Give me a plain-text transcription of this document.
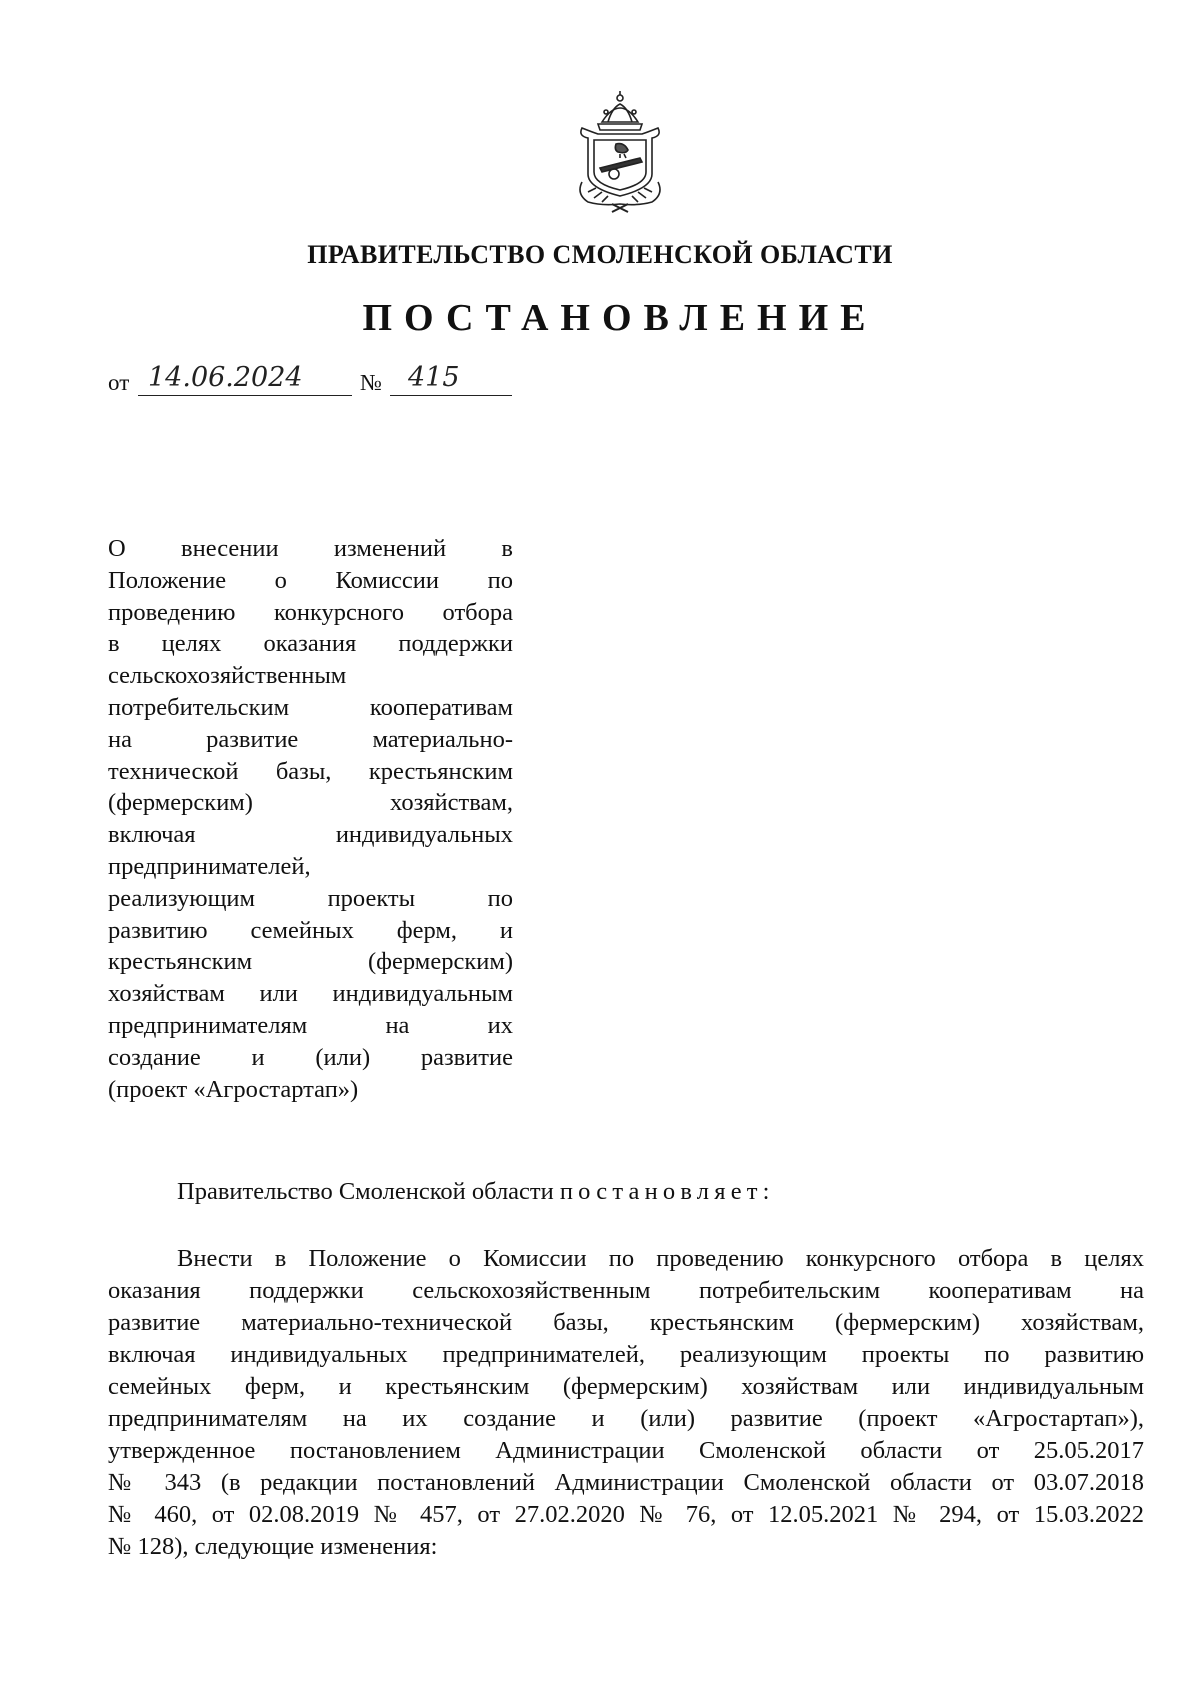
ПРАВИТЕЛЬСТВО СМОЛЕНСКОЙ ОБЛАСТИ
ПОСТАНОВЛЕНИЕ
от 14.06.2024 № 415
О внесении изменений в
Положение о Комиссии по
проведению конкурсного отбора
в целях оказания поддержки
сельскохозяйственным
потребительским кооперативам
на развитие материально-
технической базы, крестьянским
(фермерским) хозяйствам,
включая индивидуальных
предпринимателей,
реализующим проекты по
развитию семейных ферм, и
крестьянским (фермерским)
хозяйствам или индивидуальным
предпринимателям на их
создание и (или) развитие
(проект «Агростартап»)
Правительство Смоленской области постановляет:
Внести в Положение о Комиссии по проведению конкурсного отбора в целях
оказания поддержки сельскохозяйственным потребительским кооперативам на
развитие материально-технической базы, крестьянским (фермерским) хозяйствам,
включая индивидуальных предпринимателей, реализующим проекты по развитию
семейных ферм, и крестьянским (фермерским) хозяйствам или индивидуальным
предпринимателям на их создание и (или) развитие (проект «Агростартап»),
утвержденное постановлением Администрации Смоленской области от 25.05.2017
№ 343 (в редакции постановлений Администрации Смоленской области от 03.07.2018
№ 460, от 02.08.2019 № 457, от 27.02.2020 № 76, от 12.05.2021 № 294, от 15.03.2022
№ 128), следующие изменения:
